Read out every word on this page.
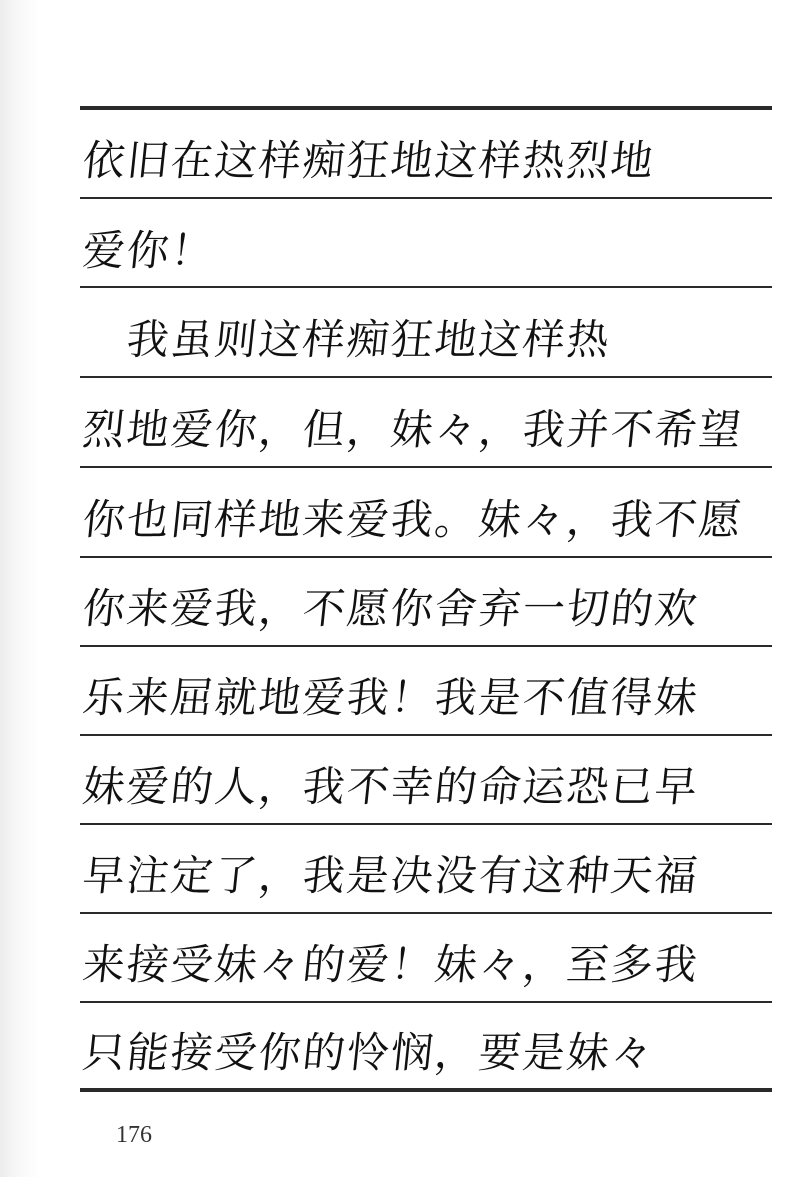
依旧在这样痴狂地这样热烈地
爱你！
　我虽则这样痴狂地这样热
烈地爱你，但，妹々，我并不希望
你也同样地来爱我。妹々，我不愿
你来爱我，不愿你舍弃一切的欢
乐来屈就地爱我！我是不值得妹
妹爱的人，我不幸的命运恐已早
早注定了，我是决没有这种天福
来接受妹々的爱！妹々，至多我
只能接受你的怜悯，要是妹々
176
